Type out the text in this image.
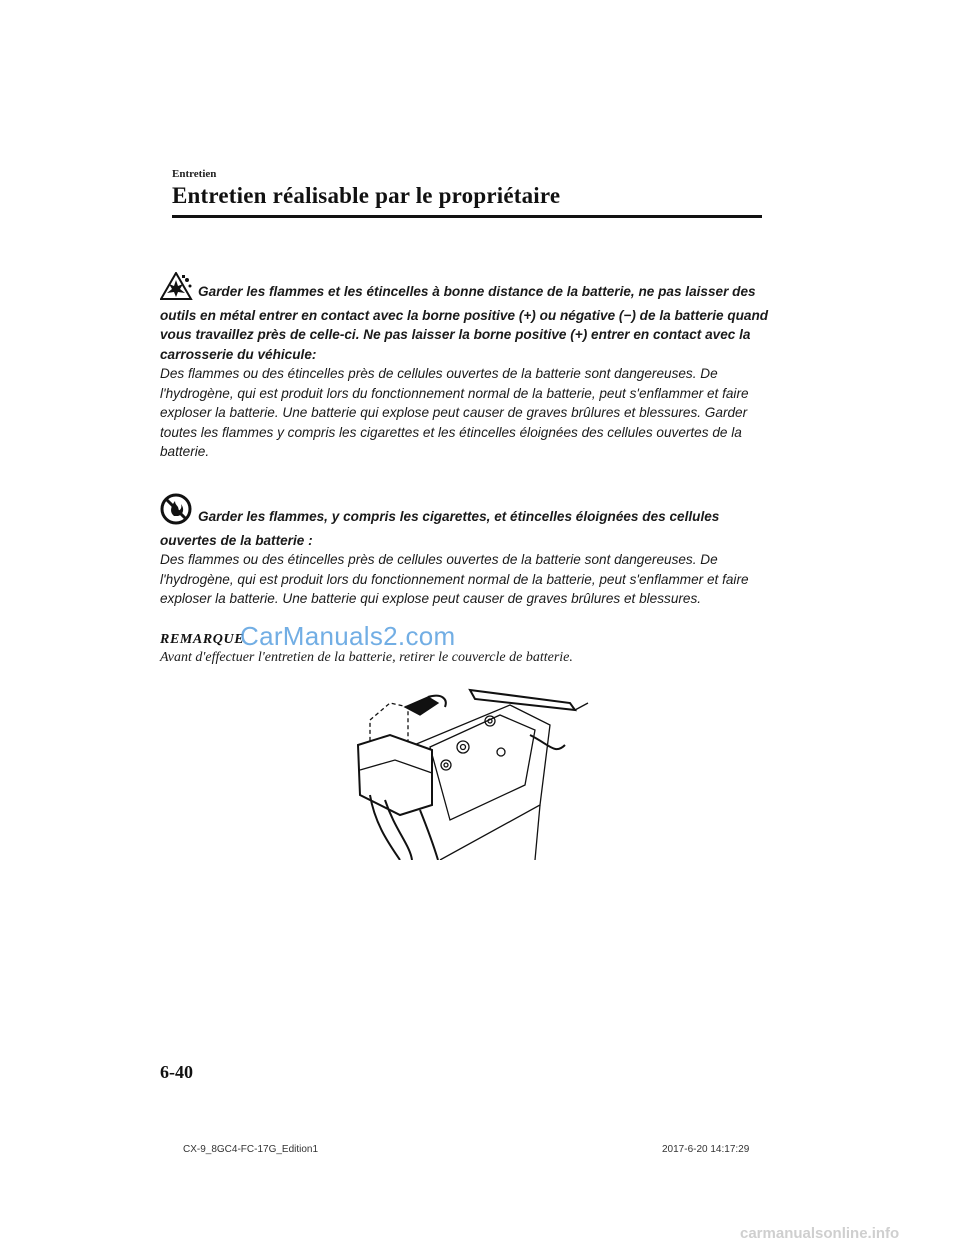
Entretien
Entretien réalisable par le propriétaire

Garder les flammes et les étincelles à bonne distance de la batterie, ne pas laisser des outils en métal entrer en contact avec la borne positive (+) ou négative (−) de la batterie quand vous travaillez près de celle-ci. Ne pas laisser la borne positive (+) entrer en contact avec la carrosserie du véhicule:

Des flammes ou des étincelles près de cellules ouvertes de la batterie sont dangereuses. De l'hydrogène, qui est produit lors du fonctionnement normal de la batterie, peut s'enflammer et faire exploser la batterie. Une batterie qui explose peut causer de graves brûlures et blessures. Garder toutes les flammes y compris les cigarettes et les étincelles éloignées des cellules ouvertes de la batterie.

Garder les flammes, y compris les cigarettes, et étincelles éloignées des cellules ouvertes de la batterie :

Des flammes ou des étincelles près de cellules ouvertes de la batterie sont dangereuses. De l'hydrogène, qui est produit lors du fonctionnement normal de la batterie, peut s'enflammer et faire exploser la batterie. Une batterie qui explose peut causer de graves brûlures et blessures.

REMARQUE
Avant d'effectuer l'entretien de la batterie, retirer le couvercle de batterie.
CarManuals2.com
6-40
CX-9_8GC4-FC-17G_Edition1	2017-6-20 14:17:29
carmanualsonline.info
